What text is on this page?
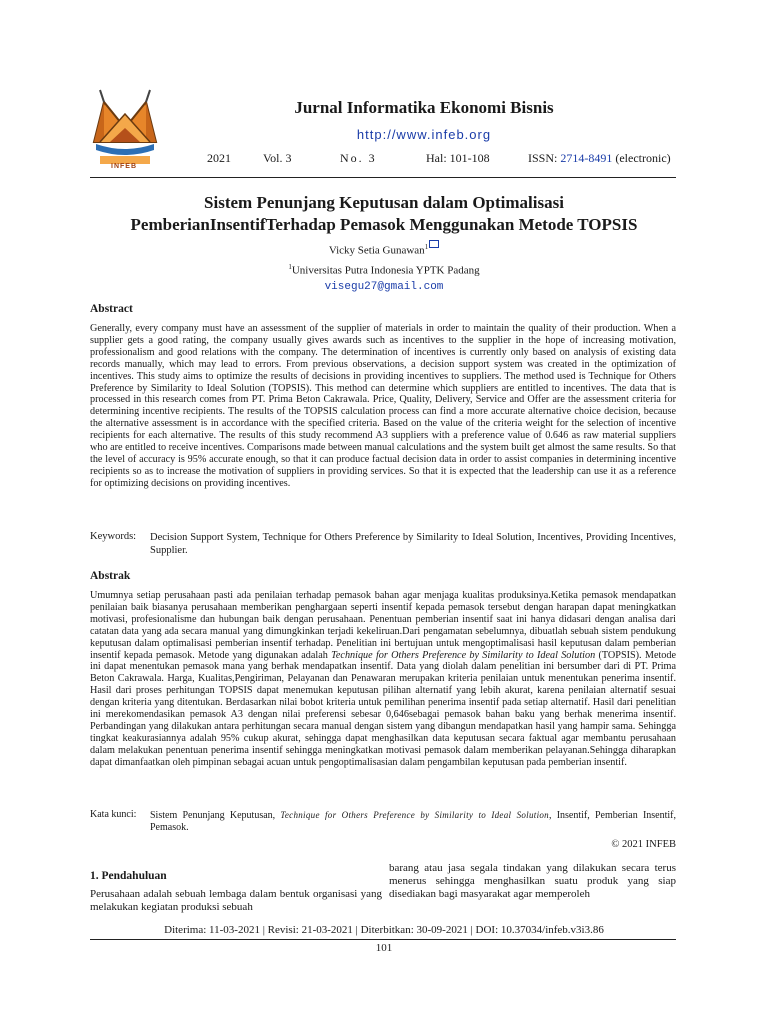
INFEB
Jurnal Informatika Ekonomi Bisnis
http://www.infeb.org
2021	Vol. 3	No. 3	Hal: 101-108	ISSN: 2714-8491 (electronic)
Sistem Penunjang Keputusan dalam Optimalisasi
PemberianInsentifTerhadap Pemasok Menggunakan Metode TOPSIS
Vicky Setia Gunawan$^1$
$^1$Universitas Putra Indonesia YPTK Padang
visegu27@gmail.com
Abstract

Generally, every company must have an assessment of the supplier of materials in order to maintain the quality of their production. When a supplier gets a good rating, the company usually gives awards such as incentives to the supplier in the hope of increasing motivation, professionalism and good relations with the company. The determination of incentives is currently only based on analysis of existing data records manually, which may lead to errors. From previous observations, a decision support system was created in the optimization of incentives. This study aims to optimize the results of decisions in providing incentives to suppliers. The method used is Technique for Others Preference by Similarity to Ideal Solution (TOPSIS). This method can determine which suppliers are entitled to incentives. The data that is processed in this research comes from PT. Prima Beton Cakrawala. Price, Quality, Delivery, Service and Offer are the assessment criteria for determining incentive recipients. The results of the TOPSIS calculation process can find a more accurate alternative choice decision, because the alternative assessment is in accordance with the specified criteria. Based on the value of the criteria weight for the selection of incentive recipients for each alternative. The results of this study recommend A3 suppliers with a preference value of 0.646 as raw material suppliers who are entitled to receive incentives. Comparisons made between manual calculations and the system built get almost the same results. So that the level of accuracy is 95% accurate enough, so that it can produce factual decision data in order to assist companies in determining incentive recipients so as to increase the motivation of suppliers in providing services. So that it is expected that the leadership can use it as a reference for optimizing decisions on providing incentives.

Keywords: Decision Support System, Technique for Others Preference by Similarity to Ideal Solution, Incentives, Providing Incentives, Supplier.
Abstrak

Umumnya setiap perusahaan pasti ada penilaian terhadap pemasok bahan agar menjaga kualitas produksinya.Ketika pemasok mendapatkan penilaian baik biasanya perusahaan memberikan penghargaan seperti insentif kepada pemasok tersebut dengan harapan dapat meningkatkan motivasi, profesionalisme dan hubungan baik dengan perusahaan. Penentuan pemberian insentif saat ini hanya didasari dengan analisa dari catatan data yang ada secara manual yang dimungkinkan terjadi kekeliruan.Dari pengamatan sebelumnya, dibuatlah sebuah sistem pendukung keputusan dalam optimalisasi pemberian insentif terhadap. Penelitian ini bertujuan untuk mengoptimalisasi hasil keputusan dalam pemberian insentif kepada pemasok. Metode yang digunakan adalah Technique for Others Preference by Similarity to Ideal Solution (TOPSIS). Metode ini dapat menentukan pemasok mana yang berhak mendapatkan insentif. Data yang diolah dalam penelitian ini bersumber dari di PT. Prima Beton Cakrawala. Harga, Kualitas,Pengiriman, Pelayanan dan Penawaran merupakan kriteria penilaian untuk menentukan penerima insentif. Hasil dari proses perhitungan TOPSIS dapat menemukan keputusan pilihan alternatif yang lebih akurat, karena penilaian alternatif sesuai dengan kriteria yang ditentukan. Berdasarkan nilai bobot kriteria untuk pemilihan penerima insentif pada setiap alternatif. Hasil dari penelitian ini merekomendasikan pemasok A3 dengan nilai preferensi sebesar 0,646sebagai pemasok bahan baku yang berhak menerima insentif. Perbandingan yang dilakukan antara perhitungan secara manual dengan sistem yang dibangun mendapatkan hasil yang hampir sama. Sehingga tingkat keakurasiannya adalah 95% cukup akurat, sehingga dapat menghasilkan data keputusan secara faktual agar membantu perusahaan dalam melakukan penentuan penerima insentif sehingga meningkatkan motivasi pemasok dalam memberikan pelayanan.Sehingga diharapkan dapat dimanfaatkan oleh pimpinan sebagai acuan untuk pengoptimalisasian dalam pengambilan keputusan pada pemberian insentif.

Kata kunci: Sistem Penunjang Keputusan, Technique for Others Preference by Similarity to Ideal Solution, Insentif, Pemberian Insentif, Pemasok.
© 2021 INFEB
1. Pendahuluan
Perusahaan adalah sebuah lembaga dalam bentuk organisasi yang melakukan kegiatan produksi sebuah
barang atau jasa segala tindakan yang dilakukan secara terus menerus sehingga menghasilkan suatu produk yang siap disediakan bagi masyarakat agar memperoleh
Diterima: 11-03-2021 | Revisi: 21-03-2021 | Diterbitkan: 30-09-2021 | DOI: 10.37034/infeb.v3i3.86
101
